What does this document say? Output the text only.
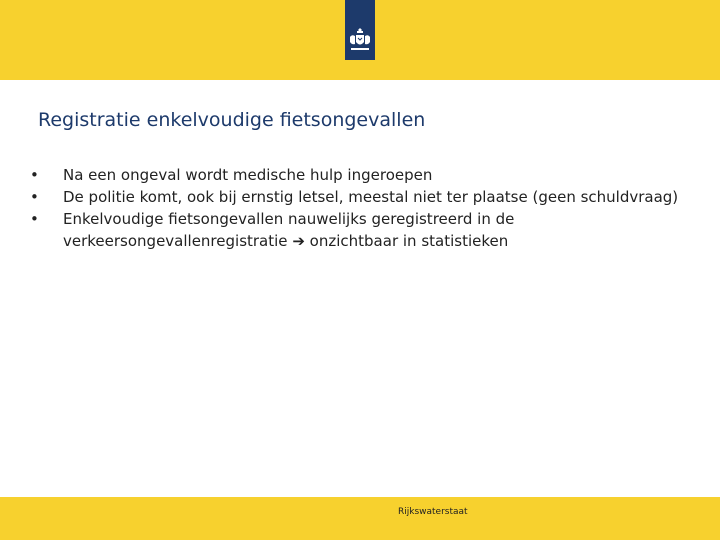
Registratie enkelvoudige fietsongevallen
•	Na een ongeval wordt medische hulp ingeroepen
•	De politie komt, ook bij ernstig letsel, meestal niet ter plaatse (geen schuldvraag)
•	Enkelvoudige fietsongevallen nauwelijks geregistreerd in de verkeersongevallenregistratie ➔ onzichtbaar in statistieken
Rijkswaterstaat
